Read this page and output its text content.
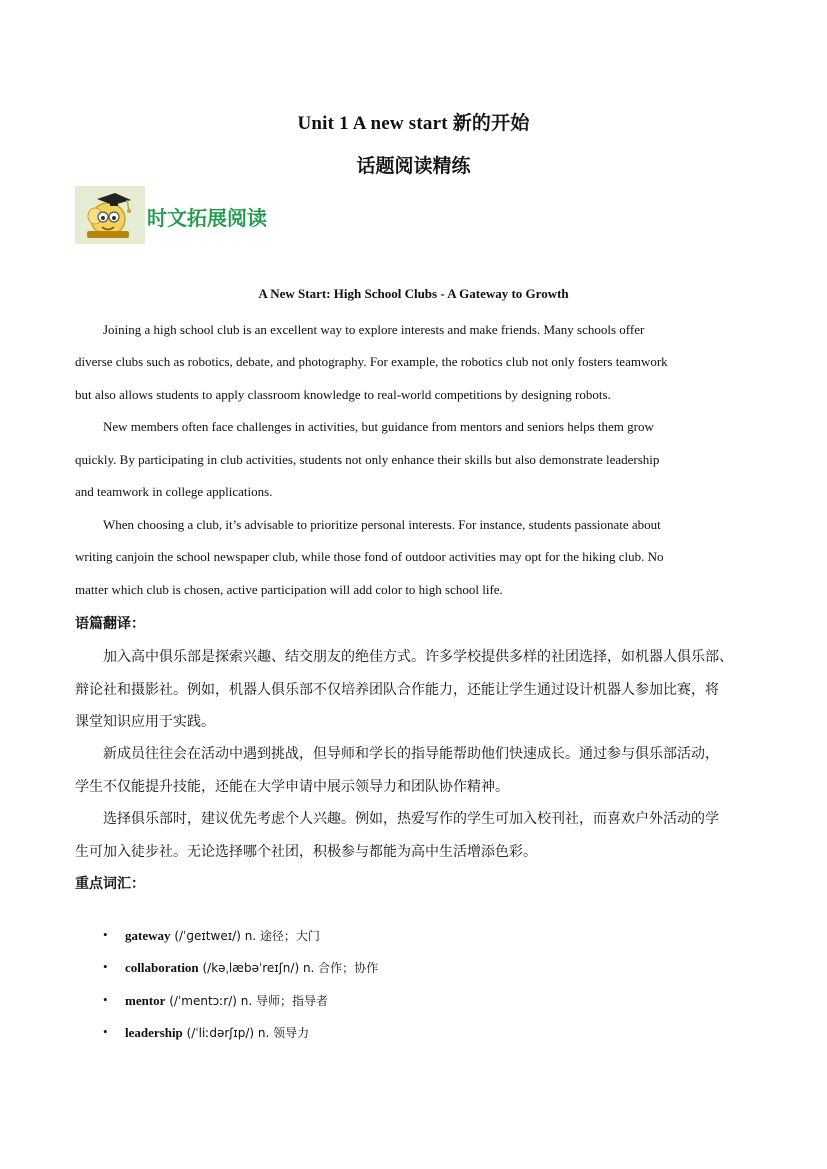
Unit 1 A new start 新的开始
话题阅读精练
时文拓展阅读
A New Start: High School Clubs - A Gateway to Growth
Joining a high school club is an excellent way to explore interests and make friends. Many schools offer
diverse clubs such as robotics, debate, and photography. For example, the robotics club not only fosters teamwork
but also allows students to apply classroom knowledge to real-world competitions by designing robots.
New members often face challenges in activities, but guidance from mentors and seniors helps them grow
quickly. By participating in club activities, students not only enhance their skills but also demonstrate leadership
and teamwork in college applications.
When choosing a club, it’s advisable to prioritize personal interests. For instance, students passionate about
writing canjoin the school newspaper club, while those fond of outdoor activities may opt for the hiking club. No
matter which club is chosen, active participation will add color to high school life.
语篇翻译：
加入高中俱乐部是探索兴趣、结交朋友的绝佳方式。许多学校提供多样的社团选择，如机器人俱乐部、
辩论社和摄影社。例如，机器人俱乐部不仅培养团队合作能力，还能让学生通过设计机器人参加比赛，将
课堂知识应用于实践。
新成员往往会在活动中遇到挑战，但导师和学长的指导能帮助他们快速成长。通过参与俱乐部活动，
学生不仅能提升技能，还能在大学申请中展示领导力和团队协作精神。
选择俱乐部时，建议优先考虑个人兴趣。例如，热爱写作的学生可加入校刊社，而喜欢户外活动的学
生可加入徒步社。无论选择哪个社团，积极参与都能为高中生活增添色彩。
重点词汇：
• gateway (/ˈɡeɪtweɪ/) n. 途径；大门
• collaboration (/kəˌlæbəˈreɪʃn/) n. 合作；协作
• mentor (/ˈmentɔːr/) n. 导师；指导者
• leadership (/ˈliːdərʃɪp/) n. 领导力
